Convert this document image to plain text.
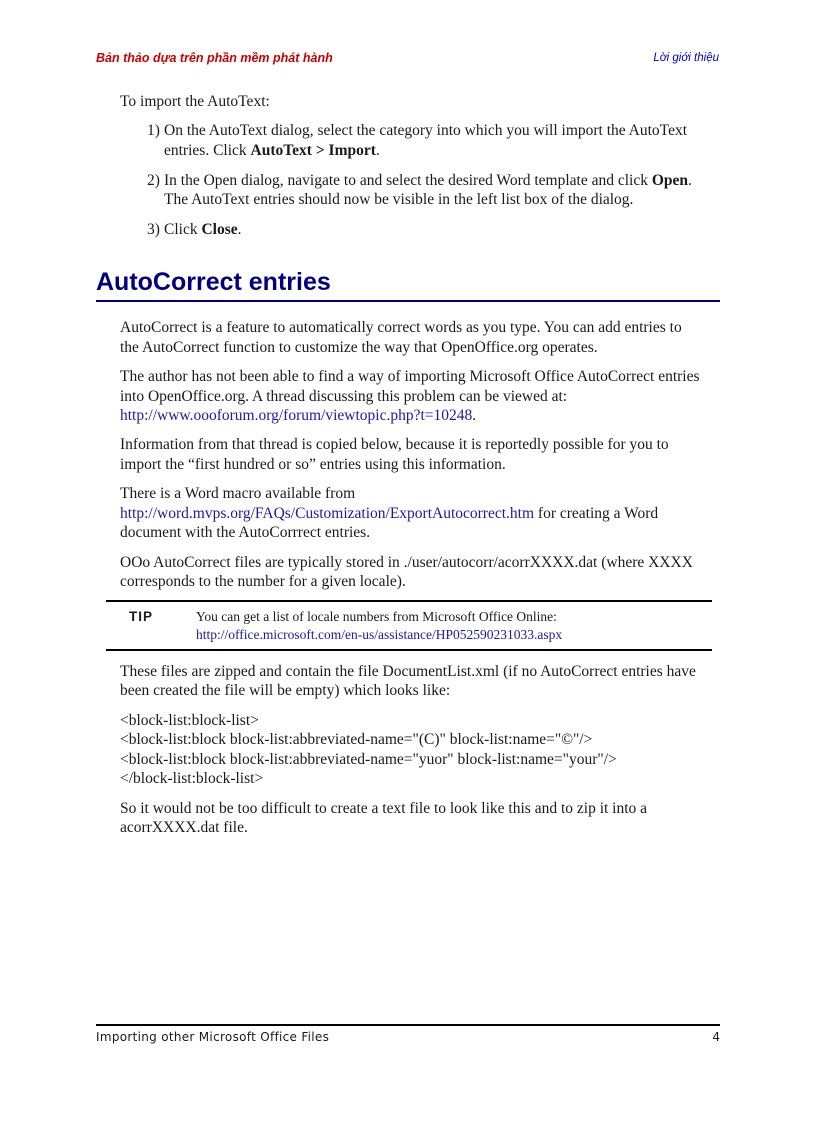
Bản thảo dựa trên phần mềm phát hành	Lời giới thiệu
To import the AutoText:
1) On the AutoText dialog, select the category into which you will import the AutoText
entries. Click AutoText > Import.
2) In the Open dialog, navigate to and select the desired Word template and click Open.
The AutoText entries should now be visible in the left list box of the dialog.
3) Click Close.
AutoCorrect entries
AutoCorrect is a feature to automatically correct words as you type. You can add entries to
the AutoCorrect function to customize the way that OpenOffice.org operates.
The author has not been able to find a way of importing Microsoft Office AutoCorrect entries
into OpenOffice.org. A thread discussing this problem can be viewed at:
http://www.oooforum.org/forum/viewtopic.php?t=10248.
Information from that thread is copied below, because it is reportedly possible for you to
import the “first hundred or so” entries using this information.
There is a Word macro available from
http://word.mvps.org/FAQs/Customization/ExportAutocorrect.htm for creating a Word
document with the AutoCorrrect entries.
OOo AutoCorrect files are typically stored in ./user/autocorr/acorrXXXX.dat (where XXXX
corresponds to the number for a given locale).
TIP	You can get a list of locale numbers from Microsoft Office Online:
http://office.microsoft.com/en-us/assistance/HP052590231033.aspx
These files are zipped and contain the file DocumentList.xml (if no AutoCorrect entries have
been created the file will be empty) which looks like:
<block-list:block-list>
<block-list:block block-list:abbreviated-name="(C)" block-list:name="©"/>
<block-list:block block-list:abbreviated-name="yuor" block-list:name="your"/>
</block-list:block-list>
So it would not be too difficult to create a text file to look like this and to zip it into a
acorrXXXX.dat file.
Importing other Microsoft Office Files	4
